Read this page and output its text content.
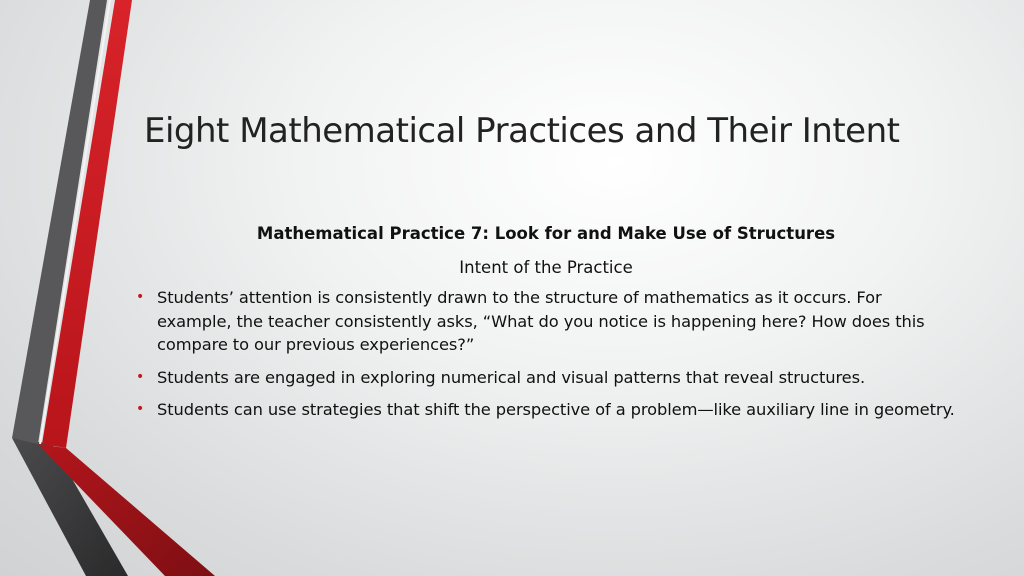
Eight Mathematical Practices and Their Intent
Mathematical Practice 7: Look for and Make Use of Structures
Intent of the Practice
• Students’ attention is consistently drawn to the structure of mathematics as it occurs. For example, the teacher consistently asks, “What do you notice is happening here? How does this compare to our previous experiences?”
• Students are engaged in exploring numerical and visual patterns that reveal structures.
• Students can use strategies that shift the perspective of a problem—like auxiliary line in geometry.
